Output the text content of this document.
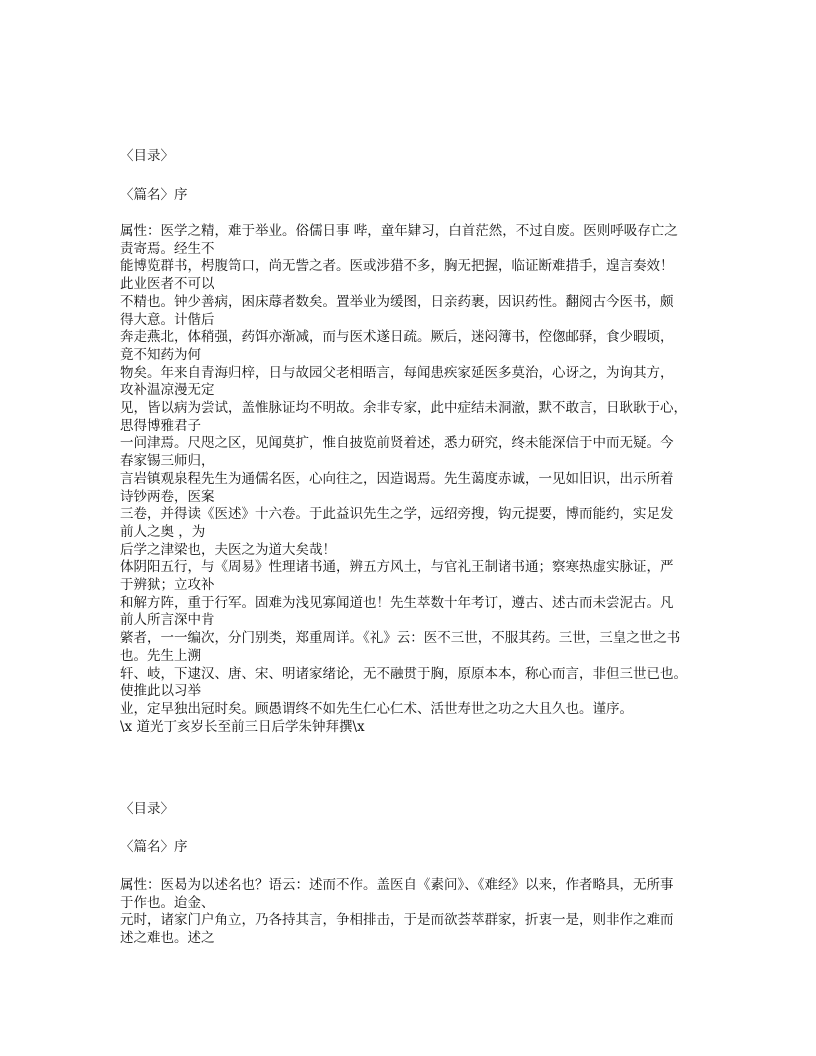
〈目录〉
〈篇名〉序
属性：医学之精，难于举业。俗儒日事 哔，童年肄习，白首茫然，不过自废。医则呼吸存亡之
责寄焉。经生不
能博览群书，枵腹笥口，尚无訾之者。医或涉猎不多，胸无把握，临证断难措手，遑言奏效！
此业医者不可以
不精也。钟少善病，困床蓐者数矣。置举业为缓图，日亲药裹，因识药性。翻阅古今医书，颇
得大意。计偕后
奔走燕北，体稍强，药饵亦渐减，而与医术遂日疏。厥后，迷闷簿书，倥偬邮驿，食少暇顷，
竟不知药为何
物矣。年来自青海归梓，日与故园父老相晤言，每闻患疾家延医多莫治，心讶之，为询其方，
攻补温凉漫无定
见，皆以病为尝试，盖惟脉证均不明故。余非专家，此中症结未洞澈，默不敢言，日耿耿于心，
思得博雅君子
一问津焉。尺咫之区，见闻莫扩，惟自披览前贤着述，悉力研究，终未能深信于中而无疑。今
春家锡三师归，
言岩镇观泉程先生为通儒名医，心向往之，因造谒焉。先生蔼度赤诚，一见如旧识，出示所着
诗钞两卷，医案
三卷，并得读《医述》十六卷。于此益识先生之学，远绍旁搜，钩元提要，博而能约，实足发
前人之奥 ，为
后学之津梁也，夫医之为道大矣哉！
体阴阳五行，与《周易》性理诸书通，辨五方风土，与官礼王制诸书通；察寒热虚实脉证，严
于辨狱；立攻补
和解方阵，重于行军。固难为浅见寡闻道也！先生萃数十年考订，遵古、述古而未尝泥古。凡
前人所言深中肯
綮者，一一编次，分门别类，郑重周详。《礼》云：医不三世，不服其药。三世，三皇之世之书
也。先生上溯
轩、岐，下逮汉、唐、宋、明诸家绪论，无不融贯于胸，原原本本，称心而言，非但三世已也。
使推此以习举
业，定早独出冠时矣。顾愚谓终不如先生仁心仁术、活世寿世之功之大且久也。谨序。
\x 道光丁亥岁长至前三日后学朱钟拜撰\x
〈目录〉
〈篇名〉序
属性：医曷为以述名也？语云：述而不作。盖医自《素问》、《难经》以来，作者略具，无所事
于作也。迨金、
元时，诸家门户角立，乃各持其言，争相排击，于是而欲荟萃群家，折衷一是，则非作之难而
述之难也。述之
